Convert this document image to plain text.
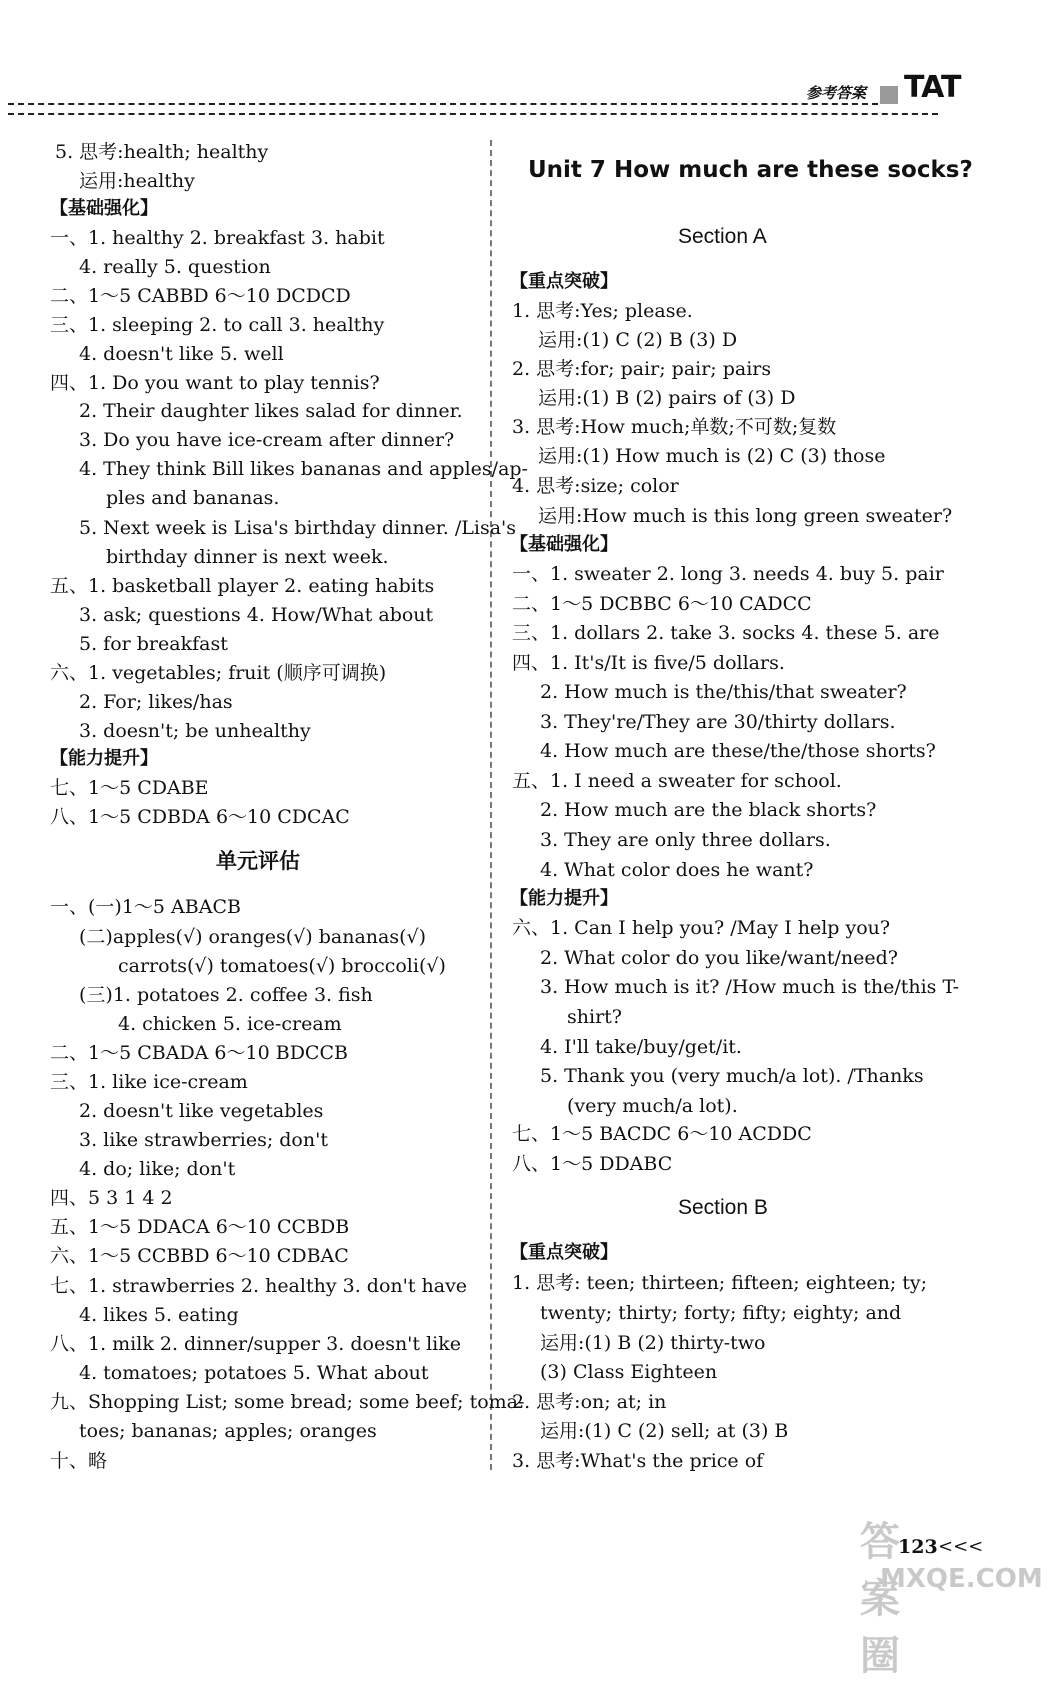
参考答案 TAT
5. 思考:health; healthy
运用:healthy
【基础强化】
一、1. healthy 2. breakfast 3. habit
4. really 5. question
二、1～5 CABBD 6～10 DCDCD
三、1. sleeping 2. to call 3. healthy
4. doesn't like 5. well
四、1. Do you want to play tennis?
2. Their daughter likes salad for dinner.
3. Do you have ice-cream after dinner?
4. They think Bill likes bananas and apples/ap-
ples and bananas.
5. Next week is Lisa's birthday dinner. /Lisa's
birthday dinner is next week.
五、1. basketball player 2. eating habits
3. ask; questions 4. How/What about
5. for breakfast
六、1. vegetables; fruit (顺序可调换)
2. For; likes/has
3. doesn't; be unhealthy
【能力提升】
七、1～5 CDABE
八、1～5 CDBDA 6～10 CDCAC
单元评估
一、(一)1～5 ABACB
(二)apples(√) oranges(√) bananas(√)
carrots(√) tomatoes(√) broccoli(√)
(三)1. potatoes 2. coffee 3. fish
4. chicken 5. ice-cream
二、1～5 CBADA 6～10 BDCCB
三、1. like ice-cream
2. doesn't like vegetables
3. like strawberries; don't
4. do; like; don't
四、5 3 1 4 2
五、1～5 DDACA 6～10 CCBDB
六、1～5 CCBBD 6～10 CDBAC
七、1. strawberries 2. healthy 3. don't have
4. likes 5. eating
八、1. milk 2. dinner/supper 3. doesn't like
4. tomatoes; potatoes 5. What about
九、Shopping List; some bread; some beef; toma-
toes; bananas; apples; oranges
十、略
Unit 7 How much are these socks?
Section A
【重点突破】
1. 思考:Yes; please.
运用:(1) C (2) B (3) D
2. 思考:for; pair; pair; pairs
运用:(1) B (2) pairs of (3) D
3. 思考:How much;单数;不可数;复数
运用:(1) How much is (2) C (3) those
4. 思考:size; color
运用:How much is this long green sweater?
【基础强化】
一、1. sweater 2. long 3. needs 4. buy 5. pair
二、1～5 DCBBC 6～10 CADCC
三、1. dollars 2. take 3. socks 4. these 5. are
四、1. It's/It is five/5 dollars.
2. How much is the/this/that sweater?
3. They're/They are 30/thirty dollars.
4. How much are these/the/those shorts?
五、1. I need a sweater for school.
2. How much are the black shorts?
3. They are only three dollars.
4. What color does he want?
【能力提升】
六、1. Can I help you? /May I help you?
2. What color do you like/want/need?
3. How much is it? /How much is the/this T-
shirt?
4. I'll take/buy/get/it.
5. Thank you (very much/a lot). /Thanks
(very much/a lot).
七、1～5 BACDC 6～10 ACDDC
八、1～5 DDABC
Section B
【重点突破】
1. 思考: teen; thirteen; fifteen; eighteen; ty;
twenty; thirty; forty; fifty; eighty; and
运用:(1) B (2) thirty-two
(3) Class Eighteen
2. 思考:on; at; in
运用:(1) C (2) sell; at (3) B
3. 思考:What's the price of
答案圈
MXQE.COM
123 <<<
